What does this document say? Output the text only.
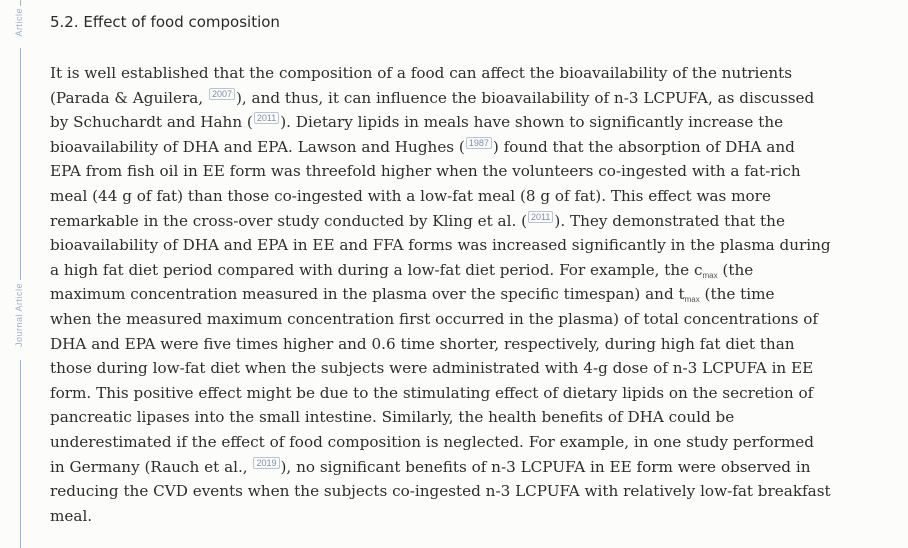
Article
Journal Article
5.2. Effect of food composition
It is well established that the composition of a food can affect the bioavailability of the nutrients
(Parada & Aguilera, 2007 ), and thus, it can influence the bioavailability of n-3 LCPUFA, as discussed
by Schuchardt and Hahn ( 2011 ). Dietary lipids in meals have shown to significantly increase the
bioavailability of DHA and EPA. Lawson and Hughes ( 1987 ) found that the absorption of DHA and
EPA from fish oil in EE form was threefold higher when the volunteers co-ingested with a fat-rich
meal (44 g of fat) than those co-ingested with a low-fat meal (8 g of fat). This effect was more
remarkable in the cross-over study conducted by Kling et al. ( 2011 ). They demonstrated that the
bioavailability of DHA and EPA in EE and FFA forms was increased significantly in the plasma during
a high fat diet period compared with during a low-fat diet period. For example, the $c_{max}$ (the
maximum concentration measured in the plasma over the specific timespan) and $t_{max}$ (the time
when the measured maximum concentration first occurred in the plasma) of total concentrations of
DHA and EPA were five times higher and 0.6 time shorter, respectively, during high fat diet than
those during low-fat diet when the subjects were administrated with 4-g dose of n-3 LCPUFA in EE
form. This positive effect might be due to the stimulating effect of dietary lipids on the secretion of
pancreatic lipases into the small intestine. Similarly, the health benefits of DHA could be
underestimated if the effect of food composition is neglected. For example, in one study performed
in Germany (Rauch et al., 2019 ), no significant benefits of n-3 LCPUFA in EE form were observed in
reducing the CVD events when the subjects co-ingested n-3 LCPUFA with relatively low-fat breakfast
meal.
